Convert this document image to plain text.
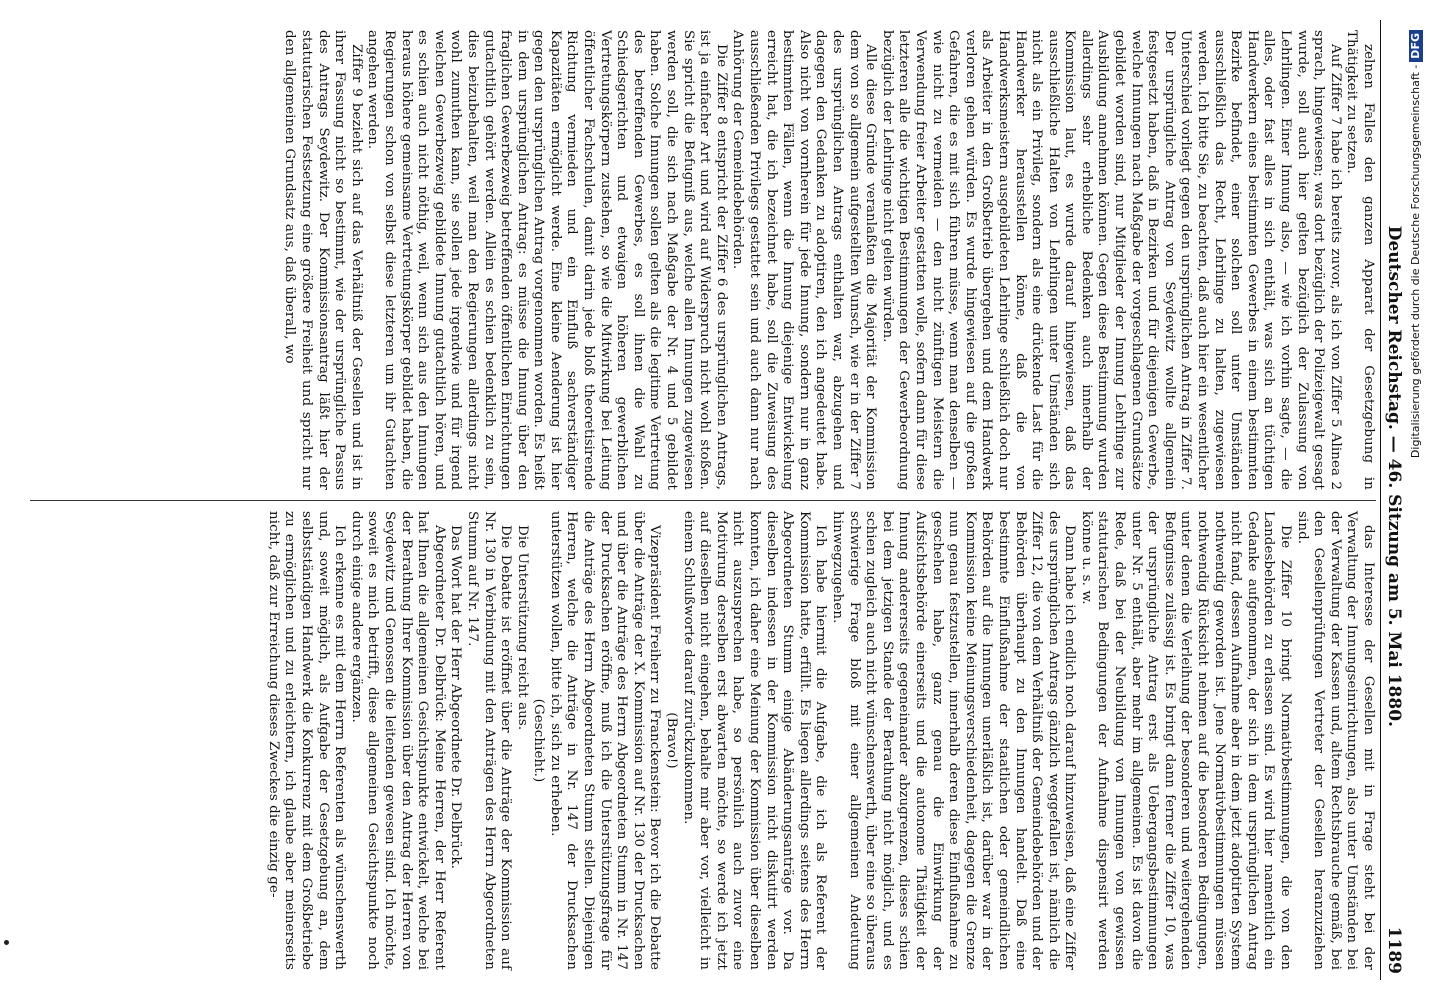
Deutscher Reichstag. — 46. Sitzung am 5. Mai 1880.
1189

zelnen Falles den ganzen Apparat der Gesetzgebung in Thätigkeit zu setzen.

Auf Ziffer 7 habe ich bereits zuvor, als ich von Ziffer 5 Alinea 2 sprach, hingewiesen; was dort bezüglich der Polizeigewalt gesagt wurde, soll auch hier gelten bezüglich der Zulassung von Lehrlingen. Einer Innung also, — wie ich vorhin sagte, — die alles, oder fast alles in sich enthält, was sich an tüchtigen Handwerkern eines bestimmten Gewerbes in einem bestimmten Bezirke befindet, einer solchen soll unter Umständen ausschließlich das Recht, Lehrlinge zu halten, zugewiesen werden. Ich bitte Sie, zu beachten, daß auch hier ein wesentlicher Unterschied vorliegt gegen den ursprünglichen Antrag in Ziffer 7. Der ursprüngliche Antrag von Seydewitz wollte allgemein festgesetzt haben, daß in Bezirken und für diejenigen Gewerbe, welche Innungen nach Maßgabe der vorgeschlagenen Grundsätze gebildet worden sind, nur Mitglieder der Innung Lehrlinge zur Ausbildung annehmen können. Gegen diese Bestimmung wurden allerdings sehr erhebliche Bedenken auch innerhalb der Kommission laut, es wurde darauf hingewiesen, daß das ausschließliche Halten von Lehrlingen unter Umständen sich nicht als ein Privileg, sondern als eine drückende Last für die Handwerker herausstellen könne, daß die von Handwerksmeistern ausgebildeten Lehrlinge schließlich doch nur als Arbeiter in den Großbetrieb übergehen und dem Handwerk verloren gehen würden. Es wurde hingewiesen auf die großen Gefahren, die es mit sich führen müsse, wenn man denselben — wie nicht zu vermeiden — den nicht zünftigen Meistern die Verwendung freier Arbeiter gestatten wolle, sofern dann für diese letzteren alle die wichtigen Bestimmungen der Gewerbeordnung bezüglich der Lehrlinge nicht gelten würden.

Alle diese Gründe veranlaßten die Majorität der Kommission dem von so allgemein aufgestellten Wunsch, wie er in der Ziffer 7 des ursprünglichen Antrags enthalten war, abzugehen und dagegen den Gedanken zu adoptiren, den ich angedeutet habe. Also nicht von vornherein für jede Innung, sondern nur in ganz bestimmten Fällen, wenn die Innung diejenige Entwickelung erreicht hat, die ich bezeichnet habe, soll die Zuweisung des ausschließenden Privilegs gestattet sein und auch dann nur nach Anhörung der Gemeindebehörden.

Die Ziffer 8 entspricht der Ziffer 6 des ursprünglichen Antrags, ist ja einfacher Art und wird auf Widerspruch nicht wohl stoßen. Sie spricht die Befugniß aus, welche allen Innungen zugewiesen werden soll, die sich nach Maßgabe der Nr. 4 und 5 gebildet haben. Solche Innungen sollen gelten als die legitime Vertretung des betreffenden Gewerbes, es soll ihnen die Wahl zu Schiedsgerichten und etwaigen höheren gewerblichen Vertretungskörpern zustehen, so wie die Mitwirkung bei Leitung öffentlicher Fachschulen, damit darin jede bloß theoretisirende Richtung vermieden und ein Einfluß sachverständiger Kapazitäten ermöglicht werde. Eine kleine Aenderung ist hier gegen den ursprünglichen Antrag vorgenommen worden. Es heißt in dem ursprünglichen Antrag: es müsse die Innung über den fraglichen Gewerbezweig betreffenden öffentlichen Einrichtungen gutachtlich gehört werden. Allein es schien bedenklich zu sein, dies beizubehalten, weil man den Regierungen allerdings nicht wohl zumuthen kann, sie sollen jede irgendwie und für irgend welchen Gewerbezweig gebildete Innung gutachtlich hören, und es schien auch nicht nöthig, weil, wenn sich aus den Innungen heraus höhere gemeinsame Vertretungskörper gebildet haben, die Regierungen schon von selbst diese letzteren um ihr Gutachten angehen werden.

Ziffer 9 bezieht sich auf das Verhältniß der Gesellen und ist in ihrer Fassung nicht so bestimmt, wie der ursprüngliche Passus des Antrags Seydewitz. Der Kommissionsantrag läßt hier der statutarischen Festsetzung eine größere Freiheit und spricht nur den allgemeinen Grundsatz aus, daß überall, wo

das Interesse der Gesellen mit in Frage steht bei der Verwaltung der Innungseinrichtungen, also unter Umständen bei der Verwaltung der Kassen und, altem Rechtsbrauche gemäß, bei den Gesellenprüfungen Vertreter der Gesellen heranzuziehen sind.

Die Ziffer 10 bringt Normativbestimmungen, die von den Landesbehörden zu erlassen sind. Es wird hier namentlich ein Gedanke aufgenommen, der sich in dem ursprünglichen Antrag nicht fand, dessen Aufnahme aber in dem jetzt adoptirten System nothwendig geworden ist. Jene Normativbestimmungen müssen nothwendig Rücksicht nehmen auf die besonderen Bedingungen, unter denen die Verleihung der besonderen und weitergehenden Befugnisse zulässig ist. Es bringt dann ferner die Ziffer 10, was der ursprüngliche Antrag erst als Uebergangsbestimmungen unter Nr. 5 enthält, aber mehr im allgemeinen. Es ist davon die Rede, daß bei der Neubildung von Innungen von gewissen statutarischen Bedingungen der Aufnahme dispensirt werden könne u. s. w.

Dann habe ich endlich noch darauf hinzuweisen, daß eine Ziffer des ursprünglichen Antrags gänzlich weggefallen ist, nämlich die Ziffer 12, die von dem Verhältniß der Gemeindebehörden und der Behörden überhaupt zu den Innungen handelt. Daß eine bestimmte Einflußnahme der staatlichen oder gemeindlichen Behörden auf die Innungen unerläßlich ist, darüber war in der Kommission keine Meinungsverschiedenheit, dagegen die Grenze nun genau festzustellen, innerhalb deren diese Einflußnahme zu geschehen habe, ganz genau die Einwirkung der Aufsichtsbehörde einerseits und die autonome Thätigkeit der Innung andererseits gegeneinander abzugrenzen, dieses schien bei dem jetzigen Stande der Berathung nicht möglich, und es schien zugleich auch nicht wünschenswerth, über eine so überaus schwierige Frage bloß mit einer allgemeinen Andeutung hinwegzugehen.

Ich habe hiermit die Aufgabe, die ich als Referent der Kommission hatte, erfüllt. Es liegen allerdings seitens des Herrn Abgeordneten Stumm einige Abänderungsanträge vor. Da dieselben indessen in der Kommission nicht diskutirt werden konnten, ich daher eine Meinung der Kommission über dieselben nicht auszusprechen habe, so persönlich auch zuvor eine Motivirung derselben erst abwarten möchte, so werde ich jetzt auf dieselben nicht eingehen, behalte mir aber vor, vielleicht in einem Schlußworte darauf zurückzukommen.

(Bravo!)

Vizepräsident Freiherr zu Franckenstein: Bevor ich die Debatte über die Anträge der X. Kommission auf Nr. 130 der Drucksachen und über die Anträge des Herrn Abgeordneten Stumm in Nr. 147 der Drucksachen eröffne, muß ich die Unterstützungsfrage für die Anträge des Herrn Abgeordneten Stumm stellen. Diejenigen Herren, welche die Anträge in Nr. 147 der Drucksachen unterstützen wollen, bitte ich, sich zu erheben.

(Geschieht.)

Die Unterstützung reicht aus.

Die Debatte ist eröffnet über die Anträge der Kommission auf Nr. 130 in Verbindung mit den Anträgen des Herrn Abgeordneten Stumm auf Nr. 147.

Das Wort hat der Herr Abgeordnete Dr. Delbrück.

Abgeordneter Dr. Delbrück: Meine Herren, der Herr Referent hat Ihnen die allgemeinen Gesichtspunkte entwickelt, welche bei der Berathung Ihrer Kommission über den Antrag der Herren von Seydewitz und Genossen die leitenden gewesen sind. Ich möchte, soweit es mich betrifft, diese allgemeinen Gesichtspunkte noch durch einige andere ergänzen.

Ich erkenne es mit dem Herrn Referenten als wünschenswerth und, soweit möglich, als Aufgabe der Gesetzgebung an, dem selbstständigen Handwerk die Konkurrenz mit dem Großbetriebe zu ermöglichen und zu erleichtern, ich glaube aber meinerseits nicht, daß zur Erreichung dieses Zweckes die einzig ge-

Digitalisierung gefördert durch die Deutsche Forschungsgemeinschaft -DFG
